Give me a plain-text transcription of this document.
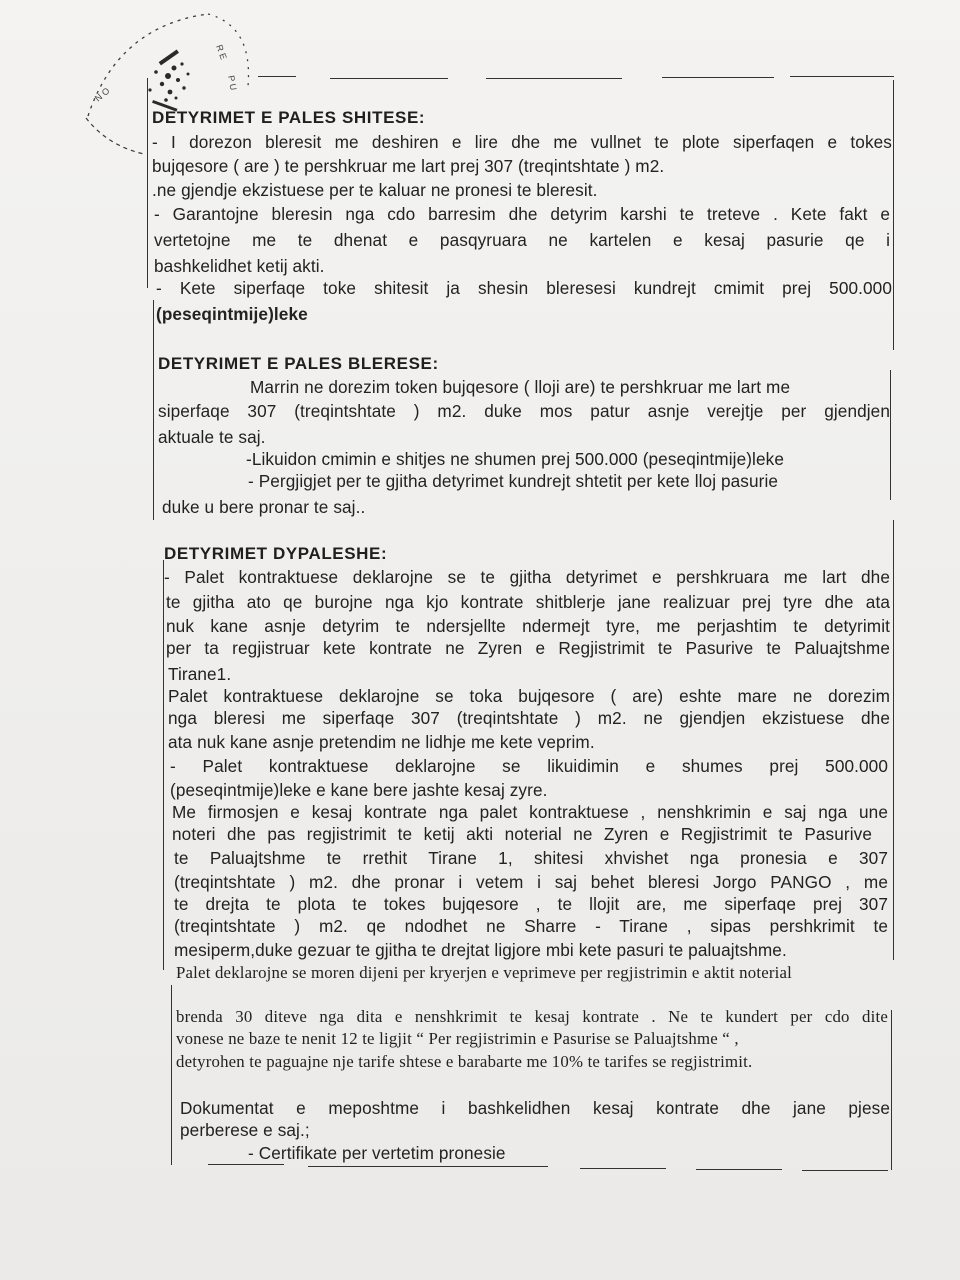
R E
P U
N O
DETYRIMET E PALES SHITESE:
- I dorezon bleresit me deshiren e lire dhe me vullnet te plote siperfaqen e tokes
bujqesore ( are ) te pershkruar me lart prej 307 (treqintshtate ) m2.
.ne gjendje ekzistuese per te kaluar ne pronesi te bleresit.
- Garantojne bleresin nga cdo barresim dhe detyrim karshi te treteve . Kete fakt e
vertetojne me te dhenat e pasqyruara ne kartelen e kesaj pasurie qe i
bashkelidhet ketij akti.
- Kete siperfaqe toke shitesit ja shesin bleresesi kundrejt cmimit prej 500.000
(peseqintmije)leke
DETYRIMET E PALES BLERESE:
Marrin ne dorezim token bujqesore ( lloji are) te pershkruar me lart me
siperfaqe 307 (treqintshtate ) m2. duke mos patur asnje verejtje per gjendjen
aktuale te saj.
-Likuidon cmimin e shitjes ne shumen prej 500.000 (peseqintmije)leke
- Pergjigjet per te gjitha detyrimet kundrejt shtetit per kete lloj pasurie
duke u bere pronar te saj..
DETYRIMET DYPALESHE:
- Palet kontraktuese deklarojne se te gjitha detyrimet e pershkruara me lart dhe
te gjitha ato qe burojne nga kjo kontrate shitblerje jane realizuar prej tyre dhe ata
nuk kane asnje detyrim te ndersjellte ndermejt tyre, me perjashtim te detyrimit
per ta regjistruar kete kontrate ne Zyren e Regjistrimit te Pasurive te Paluajtshme
Tirane1.
Palet kontraktuese deklarojne se toka bujqesore ( are) eshte mare ne dorezim
nga bleresi me siperfaqe 307 (treqintshtate ) m2. ne gjendjen ekzistuese dhe
ata nuk kane asnje pretendim ne lidhje me kete veprim.
- Palet kontraktuese deklarojne se likuidimin e shumes prej 500.000
(peseqintmije)leke e kane bere jashte kesaj zyre.
Me firmosjen e kesaj kontrate nga palet kontraktuese , nenshkrimin e saj nga une
noteri dhe pas regjistrimit te ketij akti noterial ne Zyren e Regjistrimit te Pasurive
te Paluajtshme te rrethit Tirane 1, shitesi xhvishet nga pronesia e 307
(treqintshtate ) m2. dhe pronar i vetem i saj behet bleresi Jorgo PANGO , me
te drejta te plota te tokes bujqesore , te llojit are, me siperfaqe prej 307
(treqintshtate ) m2. qe ndodhet ne Sharre - Tirane , sipas pershkrimit te
mesiperm,duke gezuar te gjitha te drejtat ligjore mbi kete pasuri te paluajtshme.
Palet deklarojne se moren dijeni per kryerjen e veprimeve per regjistrimin e aktit noterial
brenda 30 diteve nga dita e nenshkrimit te kesaj kontrate . Ne te kundert per cdo dite
vonese ne baze te nenit 12 te ligjit “ Per regjistrimin e Pasurise se Paluajtshme “ ,
detyrohen te paguajne nje tarife shtese e barabarte me 10% te tarifes se regjistrimit.
Dokumentat e meposhtme i bashkelidhen kesaj kontrate dhe jane pjese
perberese e saj.;
- Certifikate per vertetim pronesie
